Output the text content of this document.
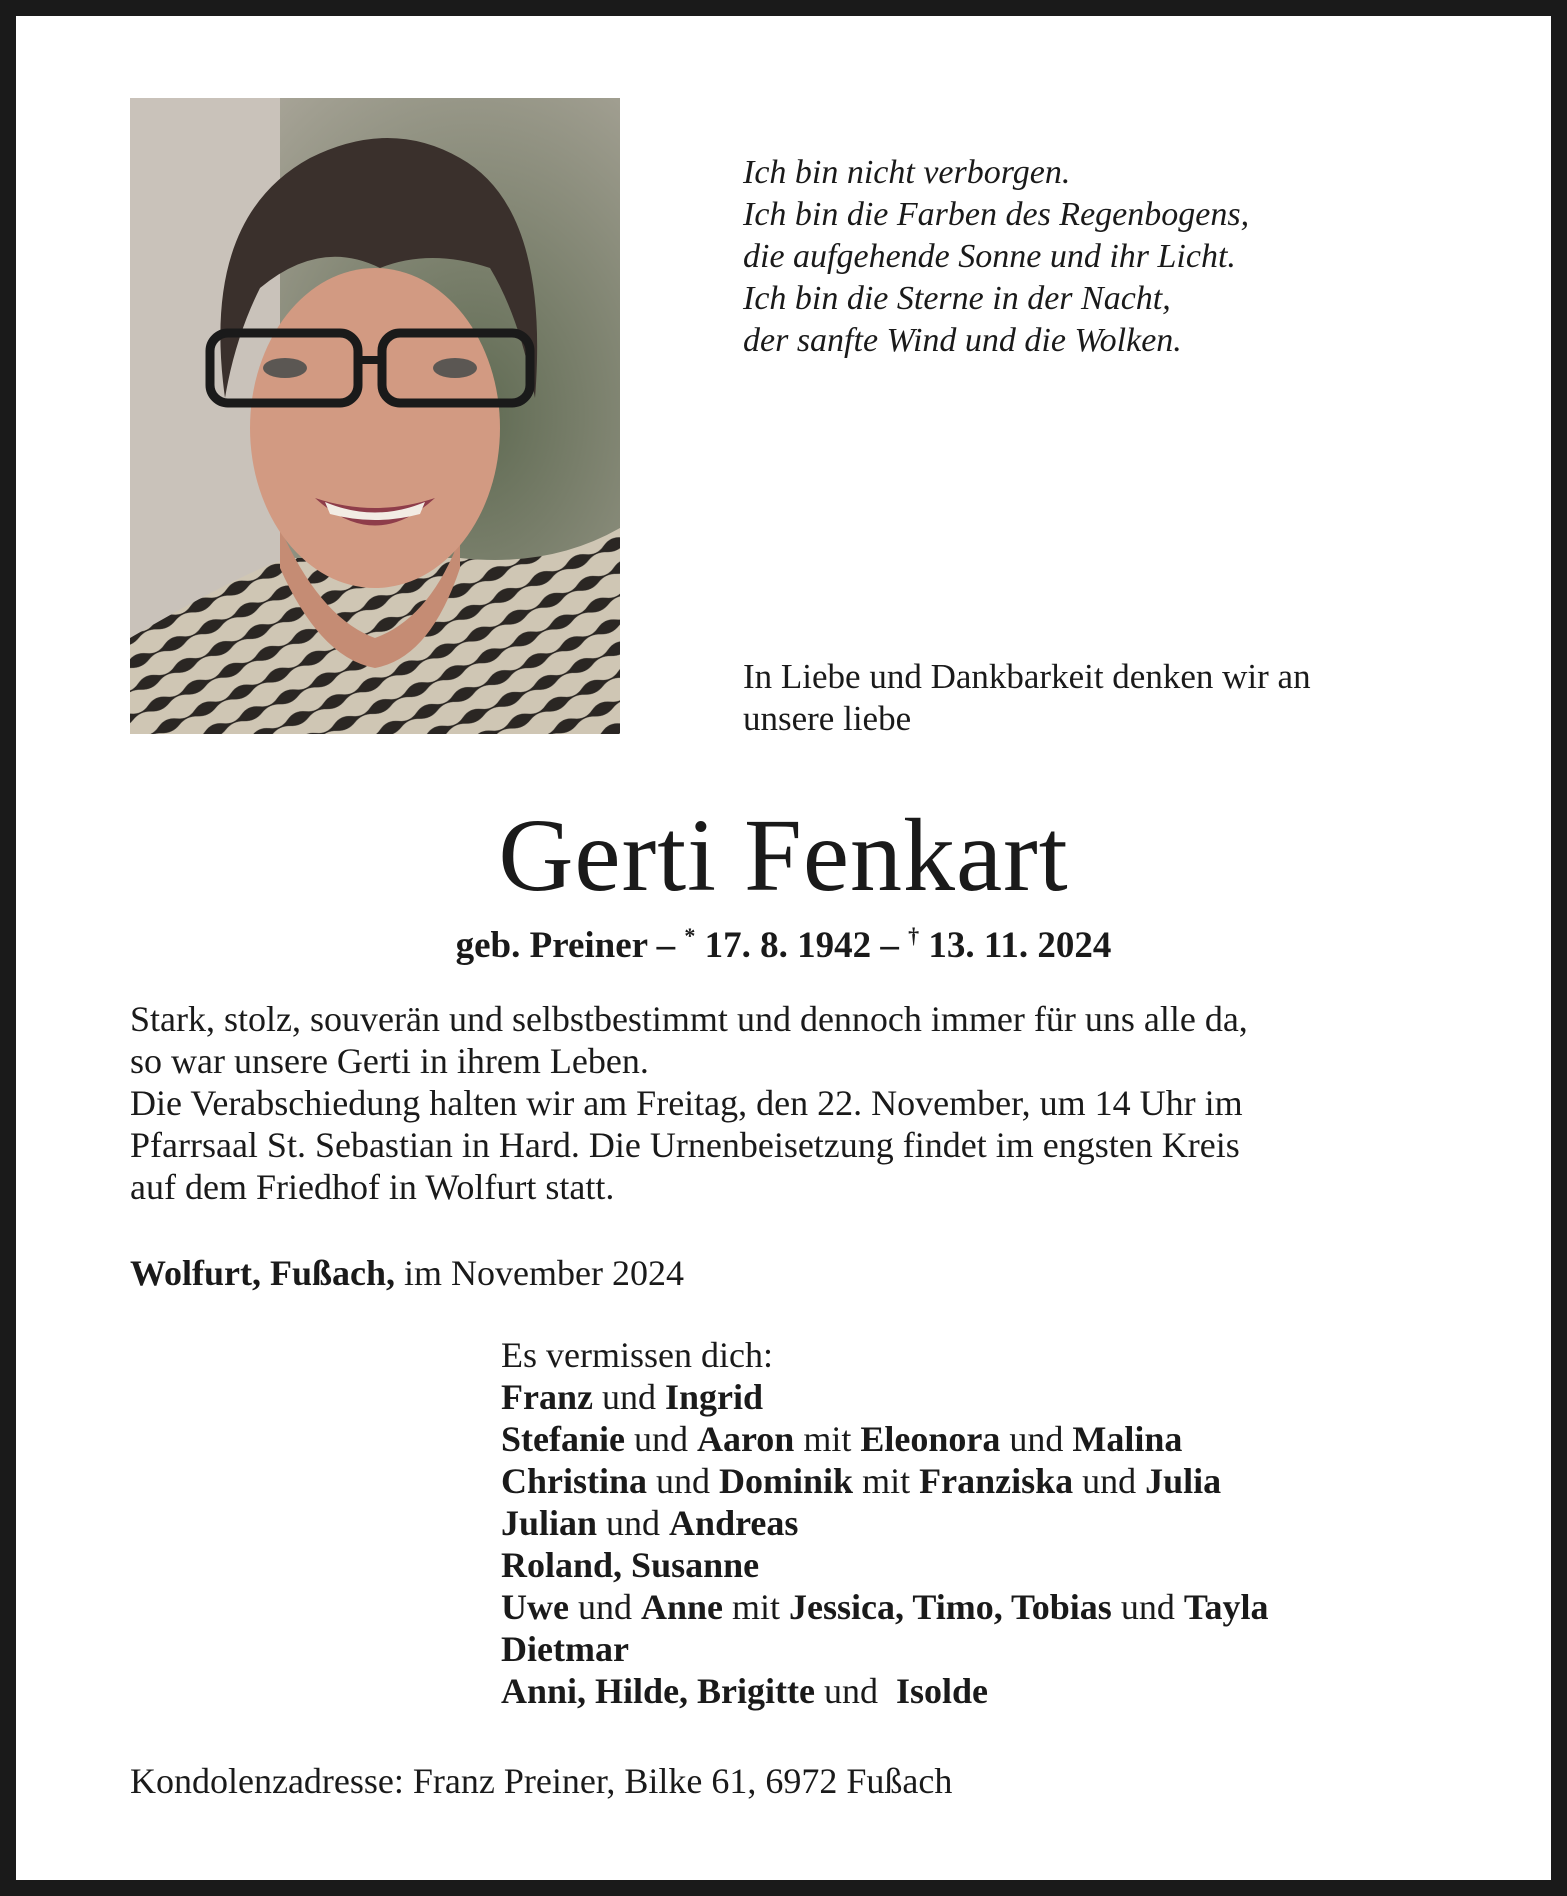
Ich bin nicht verborgen.
Ich bin die Farben des Regenbogens,
die aufgehende Sonne und ihr Licht.
Ich bin die Sterne in der Nacht,
der sanfte Wind und die Wolken.
In Liebe und Dankbarkeit denken wir an
unsere liebe
Gerti Fenkart
geb. Preiner – * 17. 8. 1942 – † 13. 11. 2024

Stark, stolz, souverän und selbstbestimmt und dennoch immer für uns alle da,

so war unsere Gerti in ihrem Leben.

Die Verabschiedung halten wir am Freitag, den 22. November, um 14 Uhr im

Pfarrsaal St. Sebastian in Hard. Die Urnenbeisetzung findet im engsten Kreis

auf dem Friedhof in Wolfurt statt.

Wolfurt, Fußach, im November 2024
Es vermissen dich:
Franz und Ingrid
Stefanie und Aaron mit Eleonora und Malina
Christina und Dominik mit Franziska und Julia
Julian und Andreas
Roland, Susanne
Uwe und Anne mit Jessica, Timo, Tobias und Tayla
Dietmar
Anni, Hilde, Brigitte und  Isolde
Kondolenzadresse: Franz Preiner, Bilke 61, 6972 Fußach
